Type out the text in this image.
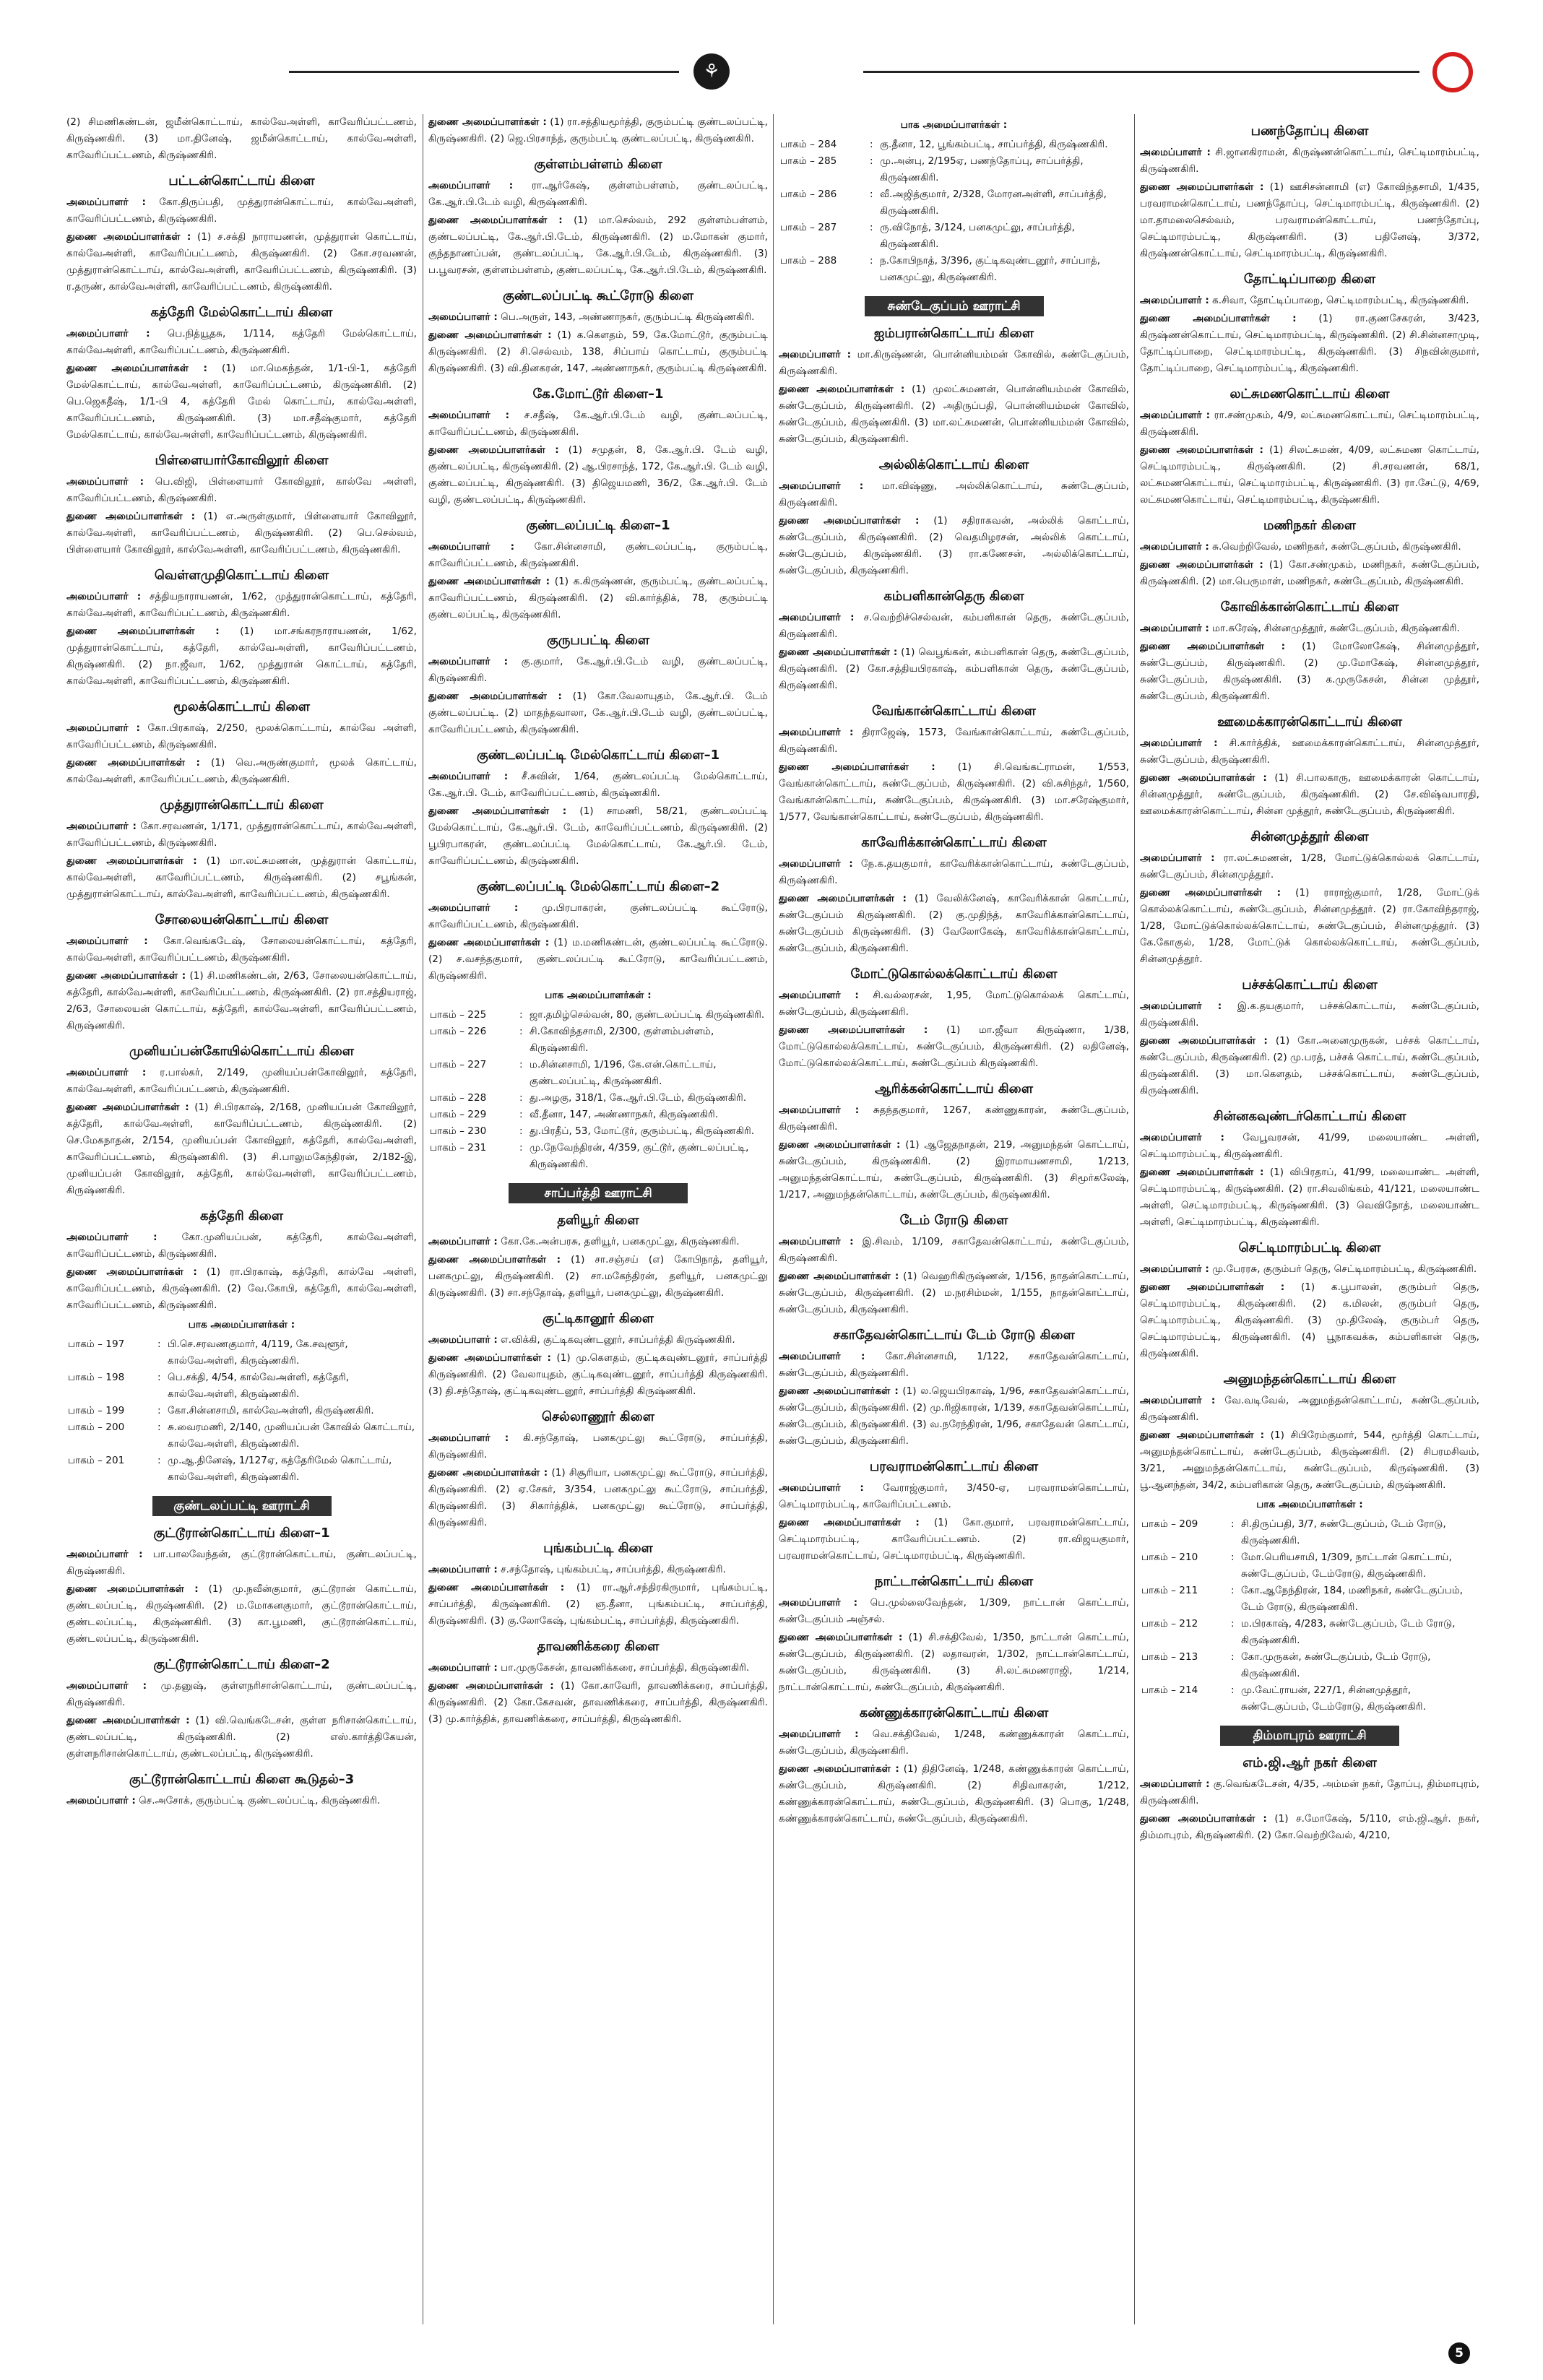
⚘

(2) சிமணிகண்டன், ஜமீன்கொட்டாய், கால்வேஅள்ளி, காவேரிப்பட்டணம், கிருஷ்ணகிரி. (3) மா.தினேஷ், ஜமீன்கொட்டாய், கால்வேஅள்ளி, காவேரிப்பட்டணம், கிருஷ்ணகிரி.

பட்டன்கொட்டாய் கிளை

அமைப்பாளர் : கோ.திருப்பதி, முத்துரான்கொட்டாய், கால்வேஅள்ளி, காவேரிப்பட்டணம், கிருஷ்ணகிரி.

துணை அமைப்பாளர்கள் : (1) ச.சக்தி நாராயணன், முத்துரான் கொட்டாய், கால்வேஅள்ளி, காவேரிப்பட்டணம், கிருஷ்ணகிரி. (2) கோ.சரவணன், முத்துரான்கொட்டாய், கால்வேஅள்ளி, காவேரிப்பட்டணம், கிருஷ்ணகிரி. (3) ர.தருண், கால்வேஅள்ளி, காவேரிப்பட்டணம், கிருஷ்ணகிரி.

கத்தேரி மேல்கொட்டாய் கிளை

அமைப்பாளர் : பெ.நித்யூதசு, 1/114, கத்தேரி மேல்கொட்டாய், கால்வேஅள்ளி, காவேரிப்பட்டணம், கிருஷ்ணகிரி.

துணை அமைப்பாளர்கள் : (1) மா.மெகந்தன், 1/1-பி-1, கத்தேரி மேல்கொட்டாய், கால்வேஅள்ளி, காவேரிப்பட்டணம், கிருஷ்ணகிரி. (2) பெ.ஜெகதீஷ், 1/1-பி 4, கத்தேரி மேல் கொட்டாய், கால்வேஅள்ளி, காவேரிப்பட்டணம், கிருஷ்ணகிரி. (3) மா.சதீஷ்குமார், கத்தேரி மேல்கொட்டாய், கால்வேஅள்ளி, காவேரிப்பட்டணம், கிருஷ்ணகிரி.

பிள்ளையார்கோவிலூர் கிளை

அமைப்பாளர் : பெ.விஜி, பிள்ளையார் கோவிலூர், கால்வே அள்ளி, காவேரிப்பட்டணம், கிருஷ்ணகிரி.

துணை அமைப்பாளர்கள் : (1) எ.அருள்குமார், பிள்ளையார் கோவிலூர், கால்வேஅள்ளி, காவேரிப்பட்டணம், கிருஷ்ணகிரி. (2) பெ.செல்வம், பிள்ளையார் கோவிலூர், கால்வேஅள்ளி, காவேரிப்பட்டணம், கிருஷ்ணகிரி.

வெள்ளமுதிகொட்டாய் கிளை

அமைப்பாளர் : சத்தியநாராயணன், 1/62, முத்துரான்கொட்டாய், கத்தேரி, கால்வேஅள்ளி, காவேரிப்பட்டணம், கிருஷ்ணகிரி.

துணை அமைப்பாளர்கள் : (1) மா.சங்கரநாராயணன், 1/62, முத்துரான்கொட்டாய், கத்தேரி, கால்வேஅள்ளி, காவேரிப்பட்டணம், கிருஷ்ணகிரி. (2) நா.ஜீவா, 1/62, முத்துரான் கொட்டாய், கத்தேரி, கால்வேஅள்ளி, காவேரிப்பட்டணம், கிருஷ்ணகிரி.

மூலக்கொட்டாய் கிளை

அமைப்பாளர் : கோ.பிரகாஷ், 2/250, மூலக்கொட்டாய், கால்வே அள்ளி, காவேரிப்பட்டணம், கிருஷ்ணகிரி.

துணை அமைப்பாளர்கள் : (1) வெ.அருண்குமார், மூலக் கொட்டாய், கால்வேஅள்ளி, காவேரிப்பட்டணம், கிருஷ்ணகிரி.

முத்துரான்கொட்டாய் கிளை

அமைப்பாளர் : கோ.சரவணன், 1/171, முத்துரான்கொட்டாய், கால்வேஅள்ளி, காவேரிப்பட்டணம், கிருஷ்ணகிரி.

துணை அமைப்பாளர்கள் : (1) மா.லட்சுமணன், முத்துரான் கொட்டாய், கால்வேஅள்ளி, காவேரிப்பட்டணம், கிருஷ்ணகிரி. (2) சபூங்கன், முத்துரான்கொட்டாய், கால்வேஅள்ளி, காவேரிப்பட்டணம், கிருஷ்ணகிரி.

சோலையன்கொட்டாய் கிளை

அமைப்பாளர் : கோ.வெங்கடேஷ், சோலையன்கொட்டாய், கத்தேரி, கால்வேஅள்ளி, காவேரிப்பட்டணம், கிருஷ்ணகிரி.

துணை அமைப்பாளர்கள் : (1) சி.மணிகண்டன், 2/63, சோலையன்கொட்டாய், கத்தேரி, கால்வேஅள்ளி, காவேரிப்பட்டணம், கிருஷ்ணகிரி. (2) ரா.சத்தியராஜ், 2/63, சோலையன் கொட்டாய், கத்தேரி, கால்வேஅள்ளி, காவேரிப்பட்டணம், கிருஷ்ணகிரி.

முனியப்பன்கோயில்கொட்டாய் கிளை

அமைப்பாளர் : ர.பால்கர், 2/149, முனியப்பன்கோவிலூர், கத்தேரி, கால்வேஅள்ளி, காவேரிப்பட்டணம், கிருஷ்ணகிரி.

துணை அமைப்பாளர்கள் : (1) சி.பிரகாஷ், 2/168, முனியப்பன் கோவிலூர், கத்தேரி, கால்வேஅள்ளி, காவேரிப்பட்டணம், கிருஷ்ணகிரி. (2) செ.மேகநாதன், 2/154, முனியப்பன் கோவிலூர், கத்தேரி, கால்வேஅள்ளி, காவேரிப்பட்டணம், கிருஷ்ணகிரி. (3) சி.பாலுமகேந்திரன், 2/182-இ, முனியப்பன் கோவிலூர், கத்தேரி, கால்வேஅள்ளி, காவேரிப்பட்டணம், கிருஷ்ணகிரி.

கத்தேரி கிளை

அமைப்பாளர் :	கோ.முனியப்பன், கத்தேரி, கால்வேஅள்ளி, காவேரிப்பட்டணம், கிருஷ்ணகிரி.

துணை அமைப்பாளர்கள் : (1) ரா.பிரகாஷ், கத்தேரி, கால்வே அள்ளி, காவேரிப்பட்டணம், கிருஷ்ணகிரி. (2) வே.கோபி, கத்தேரி, கால்வேஅள்ளி, காவேரிப்பட்டணம், கிருஷ்ணகிரி.

பாக அமைப்பாளர்கள் :
பாகம் – 197	:	பி.செ.சரவணகுமார், 4/119, கே.சவுளூர், கால்வேஅள்ளி, கிருஷ்ணகிரி.
பாகம் – 198	:	பெ.சக்தி, 4/54, கால்வேஅள்ளி, கத்தேரி, கால்வேஅள்ளி, கிருஷ்ணகிரி.
பாகம் – 199	:	கோ.சின்னசாமி, கால்வேஅள்ளி, கிருஷ்ணகிரி.
பாகம் – 200	:	சு.வைரமணி, 2/140, முனியப்பன் கோவில் கொட்டாய், கால்வேஅள்ளி, கிருஷ்ணகிரி.
பாகம் – 201	:	மு.ஆ.தினேஷ், 1/127ஏ, கத்தேரிமேல் கொட்டாய், கால்வேஅள்ளி, கிருஷ்ணகிரி.
குண்டலப்பட்டி ஊராட்சி
குட்டூரான்கொட்டாய் கிளை–1

அமைப்பாளர் : பா.பாலவேந்தன், குட்டூரான்கொட்டாய், குண்டலப்பட்டி, கிருஷ்ணகிரி.

துணை அமைப்பாளர்கள் : (1) மு.நவீன்குமார், குட்டூரான் கொட்டாய், குண்டலப்பட்டி, கிருஷ்ணகிரி. (2) ம.மோகனகுமார், குட்டூரான்கொட்டாய், குண்டலப்பட்டி, கிருஷ்ணகிரி. (3) கா.பூமணி, குட்டூரான்கொட்டாய், குண்டலப்பட்டி, கிருஷ்ணகிரி.

குட்டூரான்கொட்டாய் கிளை–2

அமைப்பாளர் : மு.தனுஷ், குள்ளநரிசான்கொட்டாய், குண்டலப்பட்டி, கிருஷ்ணகிரி.

துணை அமைப்பாளர்கள் : (1) வி.வெங்கடேசன், குள்ள நரிசான்கொட்டாய், குண்டலப்பட்டி, கிருஷ்ணகிரி. (2) எஸ்.கார்த்திகேயன், குள்ளநரிசான்கொட்டாய், குண்டலப்பட்டி, கிருஷ்ணகிரி.

குட்டூரான்கொட்டாய் கிளை கூடுதல்–3

அமைப்பாளர் : செ.அசோக், குரும்பட்டி குண்டலப்பட்டி, கிருஷ்ணகிரி.

துணை அமைப்பாளர்கள் : (1) ரா.சத்தியமூர்த்தி, குரும்பட்டி குண்டலப்பட்டி, கிருஷ்ணகிரி. (2) ஜெ.பிரசாந்த், குரும்பட்டி குண்டலப்பட்டி, கிருஷ்ணகிரி.

குள்ளம்பள்ளம் கிளை

அமைப்பாளர் : ரா.ஆர்கேஷ், குள்ளம்பள்ளம், குண்டலப்பட்டி, கே.ஆர்.பி.டேம் வழி, கிருஷ்ணகிரி.

துணை அமைப்பாளர்கள் : (1) மா.செல்வம், 292 குள்ளம்பள்ளம், குண்டலப்பட்டி, கே.ஆர்.பி.டேம், கிருஷ்ணகிரி. (2) ம.மோகன் குமார், குந்தநாணப்பன், குண்டலப்பட்டி, கே.ஆர்.பி.டேம், கிருஷ்ணகிரி. (3) ப.பூவரசன், குள்ளம்பள்ளம், குண்டலப்பட்டி, கே.ஆர்.பி.டேம், கிருஷ்ணகிரி.

குண்டலப்பட்டி கூட்ரோடு கிளை

அமைப்பாளர் : பெ.அருள், 143, அண்ணாநகர், குரும்பட்டி கிருஷ்ணகிரி.

துணை அமைப்பாளர்கள் : (1) க.கௌதம், 59, கே.மோட்டூர், குரும்பட்டி கிருஷ்ணகிரி. (2) சி.செல்வம், 138, சிப்பாய் கொட்டாய், குரும்பட்டி கிருஷ்ணகிரி. (3) வி.தினகரன், 147, அண்ணாநகர், குரும்பட்டி கிருஷ்ணகிரி.

கே.மோட்டூர் கிளை–1

அமைப்பாளர் : ச.சதீஷ், கே.ஆர்.பி.டேம் வழி, குண்டலப்பட்டி, காவேரிப்பட்டணம், கிருஷ்ணகிரி.

துணை அமைப்பாளர்கள் : (1) சமுதன், 8, கே.ஆர்.பி. டேம் வழி, குண்டலப்பட்டி, கிருஷ்ணகிரி. (2) ஆ.பிரசாந்த், 172, கே.ஆர்.பி. டேம் வழி, குண்டலப்பட்டி, கிருஷ்ணகிரி. (3) திஜெயமணி, 36/2, கே.ஆர்.பி. டேம் வழி, குண்டலப்பட்டி, கிருஷ்ணகிரி.

குண்டலப்பட்டி கிளை–1

அமைப்பாளர் : கோ.சின்னசாமி, குண்டலப்பட்டி, குரும்பட்டி, காவேரிப்பட்டணம், கிருஷ்ணகிரி.

துணை அமைப்பாளர்கள் : (1) க.கிருஷ்ணன், குரும்பட்டி, குண்டலப்பட்டி, காவேரிப்பட்டணம், கிருஷ்ணகிரி. (2) வி.கார்த்திக், 78, குரும்பட்டி குண்டலப்பட்டி, கிருஷ்ணகிரி.

குருபபட்டி கிளை

அமைப்பாளர் : கு.குமார், கே.ஆர்.பி.டேம் வழி, குண்டலப்பட்டி, கிருஷ்ணகிரி.

துணை அமைப்பாளர்கள் : (1) கோ.வேலாயுதம், கே.ஆர்.பி. டேம் குண்டலப்பட்டி. (2) மாதந்தவாலா, கே.ஆர்.பி.டேம் வழி, குண்டலப்பட்டி, காவேரிப்பட்டணம், கிருஷ்ணகிரி.

குண்டலப்பட்டி மேல்கொட்டாய் கிளை–1

அமைப்பாளர் : சீ.சுவின், 1/64, குண்டலப்பட்டி மேல்கொட்டாய், கே.ஆர்.பி. டேம், காவேரிப்பட்டணம், கிருஷ்ணகிரி.

துணை அமைப்பாளர்கள் : (1) சாமணி, 58/21, குண்டலப்பட்டி மேல்கொட்டாய், கே.ஆர்.பி. டேம், காவேரிப்பட்டணம், கிருஷ்ணகிரி. (2) பூபிரபாகரன், குண்டலப்பட்டி மேல்கொட்டாய், கே.ஆர்.பி. டேம், காவேரிப்பட்டணம், கிருஷ்ணகிரி.

குண்டலப்பட்டி மேல்கொட்டாய் கிளை–2

அமைப்பாளர் : மு.பிரபாகரன், குண்டலப்பட்டி கூட்ரோடு, காவேரிப்பட்டணம், கிருஷ்ணகிரி.

துணை அமைப்பாளர்கள் : (1) ம.மணிகண்டன், குண்டலப்பட்டி கூட்ரோடு. (2) ச.வசந்தகுமார், குண்டலப்பட்டி கூட்ரோடு, காவேரிப்பட்டணம், கிருஷ்ணகிரி.

பாக அமைப்பாளர்கள் :
பாகம் – 225	:	ஜா.தமிழ்செல்வன், 80, குண்டலப்பட்டி கிருஷ்ணகிரி.
பாகம் – 226	:	சி.கோவிந்தசாமி, 2/300, குள்ளம்பள்ளம், கிருஷ்ணகிரி.
பாகம் – 227	:	ம.சின்னசாமி, 1/196, கே.என்.கொட்டாய், குண்டலப்பட்டி, கிருஷ்ணகிரி.
பாகம் – 228	:	து.அழகு, 318/1, கே.ஆர்.பி.டேம், கிருஷ்ணகிரி.
பாகம் – 229	:	வீ.தீனா, 147, அண்ணாநகர், கிருஷ்ணகிரி.
பாகம் – 230	:	து.பிரதீப், 53, மோட்டூர், குரும்பட்டி, கிருஷ்ணகிரி.
பாகம் – 231	:	மு.நேவேந்திரன், 4/359, குட்டூர், குண்டலப்பட்டி, கிருஷ்ணகிரி.
சாப்பர்த்தி ஊராட்சி
தளியூர் கிளை

அமைப்பாளர் : கோ.கே.அன்பரசு, தளியூர், பனகமுட்லு, கிருஷ்ணகிரி.

துணை அமைப்பாளர்கள் : (1) சா.சஞ்சய் (எ) கோபிநாத், தளியூர், பனகமுட்லு, கிருஷ்ணகிரி. (2) சா.மகேந்திரன், தளியூர், பனகமுட்லு கிருஷ்ணகிரி. (3) சா.சந்தோஷ், தளியூர், பனகமுட்லு, கிருஷ்ணகிரி.

குட்டிகானூர் கிளை

அமைப்பாளர் : எ.விக்கி, குட்டிகவுண்டனூர், சாப்பர்த்தி கிருஷ்ணகிரி.

துணை அமைப்பாளர்கள் : (1) மு.கௌதம், குட்டிகவுண்டனூர், சாப்பர்த்தி கிருஷ்ணகிரி. (2) வேலாயுதம், குட்டிகவுண்டனூர், சாப்பர்த்தி கிருஷ்ணகிரி. (3) தி.சந்தோஷ், குட்டிகவுண்டனூர், சாப்பர்த்தி கிருஷ்ணகிரி.

செல்லாணூர் கிளை

அமைப்பாளர் : கி.சந்தோஷ், பனகமுட்லு கூட்ரோடு, சாப்பர்த்தி, கிருஷ்ணகிரி.

துணை அமைப்பாளர்கள் : (1) சிசூரியா, பனகமுட்லு கூட்ரோடு, சாப்பர்த்தி, கிருஷ்ணகிரி. (2) ஏ.சேகர், 3/354, பனகமுட்லு கூட்ரோடு, சாப்பர்த்தி, கிருஷ்ணகிரி. (3) சிகார்த்திக், பனகமுட்லு கூட்ரோடு, சாப்பர்த்தி, கிருஷ்ணகிரி.

புங்கம்பட்டி கிளை

அமைப்பாளர் : ச.சந்தோஷ், புங்கம்பட்டி, சாப்பர்த்தி, கிருஷ்ணகிரி.

துணை அமைப்பாளர்கள் : (1) ரா.ஆர்.சந்திரகிருமார், புங்கம்பட்டி, சாப்பர்த்தி, கிருஷ்ணகிரி. (2) ஞ.தீனா, புங்கம்பட்டி, சாப்பர்த்தி, கிருஷ்ணகிரி. (3) கு.லோகேஷ், புங்கம்பட்டி, சாப்பர்த்தி, கிருஷ்ணகிரி.

தாவணிக்கரை கிளை

அமைப்பாளர் : பா.முருகேசன், தாவணிக்கரை, சாப்பர்த்தி, கிருஷ்ணகிரி.

துணை அமைப்பாளர்கள் : (1) கோ.காவேரி, தாவணிக்கரை, சாப்பர்த்தி, கிருஷ்ணகிரி. (2) கோ.கேசவன், தாவணிக்கரை, சாப்பர்த்தி, கிருஷ்ணகிரி. (3) மு.கார்த்திக், தாவணிக்கரை, சாப்பர்த்தி, கிருஷ்ணகிரி.

பாக அமைப்பாளர்கள் :
பாகம் – 284	:	கு.தீனா, 12, பூங்கம்பட்டி, சாப்பர்த்தி, கிருஷ்ணகிரி.
பாகம் – 285	:	மு.அன்பு, 2/195ஏ, பணந்தோப்பு, சாப்பர்த்தி, கிருஷ்ணகிரி.
பாகம் – 286	:	வீ.அஜித்குமார், 2/328, மோரனஅள்ளி, சாப்பர்த்தி, கிருஷ்ணகிரி.
பாகம் – 287	:	ரு.விநோத், 3/124, பனகமுட்லு, சாப்பர்த்தி, கிருஷ்ணகிரி.
பாகம் – 288	:	ந.கோபிநாத், 3/396, குட்டிகவுண்டனூர், சாப்பாத், பனகமுட்லு, கிருஷ்ணகிரி.
சுண்டேகுப்பம் ஊராட்சி
ஐம்பரான்கொட்டாய் கிளை

அமைப்பாளர் : மா.கிருஷ்ணன், பொன்னியம்மன் கோவில், சுண்டேகுப்பம், கிருஷ்ணகிரி.

துணை அமைப்பாளர்கள் : (1) முலட்சுமணன், பொன்னியம்மன் கோவில், சுண்டேகுப்பம், கிருஷ்ணகிரி. (2) அதிருப்பதி, பொன்னியம்மன் கோவில், சுண்டேகுப்பம், கிருஷ்ணகிரி. (3) மா.லட்சுமணன், பொன்னியம்மன் கோவில், சுண்டேகுப்பம், கிருஷ்ணகிரி.

அல்லிக்கொட்டாய் கிளை

அமைப்பாளர் : மா.விஷ்ணு, அல்லிக்கொட்டாய், சுண்டேகுப்பம், கிருஷ்ணகிரி.

துணை அமைப்பாளர்கள் : (1) சதிராகவன், அல்லிக் கொட்டாய், சுண்டேகுப்பம், கிருஷ்ணகிரி. (2) வெதமிழரசன், அல்லிக் கொட்டாய், சுண்டேகுப்பம், கிருஷ்ணகிரி. (3) ரா.கணேசன், அல்லிக்கொட்டாய், சுண்டேகுப்பம், கிருஷ்ணகிரி.

கம்பளிகான்தெரு கிளை

அமைப்பாளர் : ச.வெற்றிச்செல்வன், கம்பளிகான் தெரு, சுண்டேகுப்பம், கிருஷ்ணகிரி.

துணை அமைப்பாளர்கள் : (1) வெபூங்கன், கம்பளிகான் தெரு, சுண்டேகுப்பம், கிருஷ்ணகிரி. (2) கோ.சத்தியபிரகாஷ், கம்பளிகான் தெரு, சுண்டேகுப்பம், கிருஷ்ணகிரி.

வேங்கான்கொட்டாய் கிளை

அமைப்பாளர் : திராஜேஷ், 1573, வேங்கான்கொட்டாய், சுண்டேகுப்பம், கிருஷ்ணகிரி.

துணை அமைப்பாளர்கள் : (1) சி.வெங்கட்ராமன், 1/553, வேங்கான்கொட்டாய், சுண்டேகுப்பம், கிருஷ்ணகிரி. (2) வி.சுசிந்தர், 1/560, வேங்கான்கொட்டாய், சுண்டேகுப்பம், கிருஷ்ணகிரி. (3) மா.சரேஷ்குமார், 1/577, வேங்கான்கொட்டாய், சுண்டேகுப்பம், கிருஷ்ணகிரி.

காவேரிக்கான்கொட்டாய் கிளை

அமைப்பாளர் : நே.க.தயகுமார், காவேரிக்கான்கொட்டாய், சுண்டேகுப்பம், கிருஷ்ணகிரி.

துணை அமைப்பாளர்கள் : (1) வேலிக்னேஷ், காவேரிக்கான் கொட்டாய், சுண்டேகுப்பம் கிருஷ்ணகிரி. (2) கு.முதிந்த், காவேரிக்கான்கொட்டாய், சுண்டேகுப்பம் கிருஷ்ணகிரி. (3) வேலோகேஷ், காவேரிக்கான்கொட்டாய், சுண்டேகுப்பம், கிருஷ்ணகிரி.

மோட்டுகொல்லக்கொட்டாய் கிளை

அமைப்பாளர் : சி.வல்லரசன், 1,95, மோட்டுகொல்லக் கொட்டாய், சுண்டேகுப்பம், கிருஷ்ணகிரி.

துணை அமைப்பாளர்கள் : (1) மா.ஜீவா கிருஷ்ணா, 1/38, மோட்டுகொல்லக்கொட்டாய், சுண்டேகுப்பம், கிருஷ்ணகிரி. (2) லதினேஷ், மோட்டுகொல்லக்கொட்டாய், சுண்டேகுப்பம் கிருஷ்ணகிரி.

ஆரிக்கன்கொட்டாய் கிளை

அமைப்பாளர் : சுதந்தகுமார், 1267, கண்ணுகாரன், சுண்டேகுப்பம், கிருஷ்ணகிரி.

துணை அமைப்பாளர்கள் : (1) ஆஜேதநாதன், 219, அனுமந்தன் கொட்டாய், சுண்டேகுப்பம், கிருஷ்ணகிரி. (2) இராமாயணசாமி, 1/213, அனுமந்தன்கொட்டாய், சுண்டேகுப்பம், கிருஷ்ணகிரி. (3) சிமூர்கலேஷ், 1/217, அனுமந்தன்கொட்டாய், சுண்டேகுப்பம், கிருஷ்ணகிரி.

டேம் ரோடு கிளை

அமைப்பாளர் : இ.சிவம், 1/109, சகாதேவன்கொட்டாய், சுண்டேகுப்பம், கிருஷ்ணகிரி.

துணை அமைப்பாளர்கள் : (1) வெஹரிகிருஷ்ணன், 1/156, நாதன்கொட்டாய், சுண்டேகுப்பம், கிருஷ்ணகிரி. (2) ம.நரசிம்மன், 1/155, நாதன்கொட்டாய், சுண்டேகுப்பம், கிருஷ்ணகிரி.

சகாதேவன்கொட்டாய் டேம் ரோடு கிளை

அமைப்பாளர் : கோ.சின்னசாமி, 1/122, சகாதேவன்கொட்டாய், சுண்டேகுப்பம், கிருஷ்ணகிரி.

துணை அமைப்பாளர்கள் : (1) ல.ஜெயபிரகாஷ், 1/96, சகாதேவன்கொட்டாய், சுண்டேகுப்பம், கிருஷ்ணகிரி. (2) மு.ரிஜிகாரன், 1/139, சகாதேவன்கொட்டாய், சுண்டேகுப்பம், கிருஷ்ணகிரி. (3) வ.நரேந்திரன், 1/96, சகாதேவன் கொட்டாய், சுண்டேகுப்பம், கிருஷ்ணகிரி.

பரவராமன்கொட்டாய் கிளை

அமைப்பாளர் : வேராஜ்குமார், 3/450-ஏ, பரவராமன்கொட்டாய், செட்டிமாரம்பட்டி, காவேரிப்பட்டணம்.

துணை அமைப்பாளர்கள் : (1) கோ.குமார், பரவராமன்கொட்டாய், செட்டிமாரம்பட்டி, காவேரிப்பட்டணம். (2) ரா.விஜயகுமார், பரவராமன்கொட்டாய், செட்டிமாரம்பட்டி, கிருஷ்ணகிரி.

நாட்டான்கொட்டாய் கிளை

அமைப்பாளர் : பெ.முல்லைவேந்தன், 1/309, நாட்டான் கொட்டாய், சுண்டேகுப்பம் அஞ்சல்.

துணை அமைப்பாளர்கள் : (1) சி.சக்திவேல், 1/350, நாட்டான் கொட்டாய், சுண்டேகுப்பம், கிருஷ்ணகிரி. (2) லதாவரன், 1/302, நாட்டான்கொட்டாய், சுண்டேகுப்பம், கிருஷ்ணகிரி. (3) சி.லட்சுமணராஜி, 1/214, நாட்டான்கொட்டாய், சுண்டேகுப்பம், கிருஷ்ணகிரி.

கண்ணுக்காரன்கொட்டாய் கிளை

அமைப்பாளர் : வெ.சக்திவேல், 1/248, கண்ணுக்காரன் கொட்டாய், சுண்டேகுப்பம், கிருஷ்ணகிரி.

துணை அமைப்பாளர்கள் : (1) திதினேஷ், 1/248, கண்ணுக்காரன் கொட்டாய், சுண்டேகுப்பம், கிருஷ்ணகிரி. (2) சிதிவாகரன், 1/212, கண்ணுக்காரன்கொட்டாய், சுண்டேகுப்பம், கிருஷ்ணகிரி. (3) பொகு, 1/248, கண்ணுக்காரன்கொட்டாய், சுண்டேகுப்பம், கிருஷ்ணகிரி.

பணந்தோப்பு கிளை

அமைப்பாளர் : சி.ஜானகிராமன், கிருஷ்ணன்கொட்டாய், செட்டிமாரம்பட்டி, கிருஷ்ணகிரி.

துணை அமைப்பாளர்கள் : (1) ஊசிசன்னாமி (எ) கோவிந்தசாமி, 1/435, பரவராமன்கொட்டாய், பணந்தோப்பு, செட்டிமாரம்பட்டி, கிருஷ்ணகிரி. (2) மா.தாமலைசெல்வம், பரவராமன்கொட்டாய், பணந்தோப்பு, செட்டிமாரம்பட்டி, கிருஷ்ணகிரி. (3) பதினேஷ், 3/372, கிருஷ்ணன்கொட்டாய், செட்டிமாரம்பட்டி, கிருஷ்ணகிரி.

தோட்டிப்பாறை கிளை

அமைப்பாளர் : க.சிவா, தோட்டிப்பாறை, செட்டிமாரம்பட்டி, கிருஷ்ணகிரி.

துணை அமைப்பாளர்கள் : (1) ரா.குணசேகரன், 3/423, கிருஷ்ணன்கொட்டாய், செட்டிமாரம்பட்டி, கிருஷ்ணகிரி. (2) சி.சின்னசாமுடி, தோட்டிப்பாறை, செட்டிமாரம்பட்டி, கிருஷ்ணகிரி. (3) சிநவின்குமார், தோட்டிப்பாறை, செட்டிமாரம்பட்டி, கிருஷ்ணகிரி.

லட்சுமணகொட்டாய் கிளை

அமைப்பாளர் : ரா.சண்முகம், 4/9, லட்சுமணகொட்டாய், செட்டிமாரம்பட்டி, கிருஷ்ணகிரி.

துணை அமைப்பாளர்கள் : (1) சிலட்சுமண், 4/09, லட்சுமண கொட்டாய், செட்டிமாரம்பட்டி, கிருஷ்ணகிரி. (2) சி.சரவணன், 68/1, லட்சுமணகொட்டாய், செட்டிமாரம்பட்டி, கிருஷ்ணகிரி. (3) ரா.சேட்டு, 4/69, லட்சுமணகொட்டாய், செட்டிமாரம்பட்டி, கிருஷ்ணகிரி.

மணிநகர் கிளை

அமைப்பாளர் : சு.வெற்றிவேல், மணிநகர், சுண்டேகுப்பம், கிருஷ்ணகிரி.

துணை அமைப்பாளர்கள் : (1) கோ.சண்முகம், மணிநகர், சுண்டேகுப்பம், கிருஷ்ணகிரி. (2) மா.பெருமாள், மணிநகர், சுண்டேகுப்பம், கிருஷ்ணகிரி.

கோவிக்கான்கொட்டாய் கிளை

அமைப்பாளர் : மா.சுரேஷ், சின்னமுத்தூர், சுண்டேகுப்பம், கிருஷ்ணகிரி.

துணை அமைப்பாளர்கள் : (1) மோலோகேஷ், சின்னமுத்தூர், சுண்டேகுப்பம், கிருஷ்ணகிரி. (2) மு.மோகேஷ், சின்னமுத்தூர், சுண்டேகுப்பம், கிருஷ்ணகிரி. (3) க.முருகேசன், சின்ன முத்தூர், சுண்டேகுப்பம், கிருஷ்ணகிரி.

ஊமைக்காரன்கொட்டாய் கிளை

அமைப்பாளர் : சி.கார்த்திக், ஊமைக்காரன்கொட்டாய், சின்னமுத்தூர், சுண்டேகுப்பம், கிருஷ்ணகிரி.

துணை அமைப்பாளர்கள் : (1) சி.பாலகாரு, ஊமைக்காரன் கொட்டாய், சின்னமுத்தூர், சுண்டேகுப்பம், கிருஷ்ணகிரி. (2) சே.விஷ்வபாரதி, ஊமைக்காரன்கொட்டாய், சின்ன முத்தூர், சுண்டேகுப்பம், கிருஷ்ணகிரி.

சின்னமுத்தூர் கிளை

அமைப்பாளர் : ரா.லட்சுமணன், 1/28, மோட்டுக்கொல்லக் கொட்டாய், சுண்டேகுப்பம், சின்னமுத்தூர்.

துணை அமைப்பாளர்கள் : (1) ராராஜ்குமார், 1/28, மோட்டுக் கொல்லக்கொட்டாய், சுண்டேகுப்பம், சின்னமுத்தூர். (2) ரா.கோவிந்தராஜ், 1/28, மோட்டுக்கொல்லக்கொட்டாய், சுண்டேகுப்பம், சின்னமுத்தூர். (3) கே.கோகுல், 1/28, மோட்டுக் கொல்லக்கொட்டாய், சுண்டேகுப்பம், சின்னமுத்தூர்.

பச்சக்கொட்டாய் கிளை

அமைப்பாளர் : இ.க.தயகுமார், பச்சக்கொட்டாய், சுண்டேகுப்பம், கிருஷ்ணகிரி.

துணை அமைப்பாளர்கள் : (1) கோ.அனைமுருகன், பச்சக் கொட்டாய், சுண்டேகுப்பம், கிருஷ்ணகிரி. (2) மு.பரத், பச்சக் கொட்டாய், சுண்டேகுப்பம், கிருஷ்ணகிரி. (3) மா.கௌதம், பச்சக்கொட்டாய், சுண்டேகுப்பம், கிருஷ்ணகிரி.

சின்னகவுண்டர்கொட்டாய் கிளை

அமைப்பாளர் : வேபூவரசன், 41/99, மலையாண்ட அள்ளி, செட்டிமாரம்பட்டி, கிருஷ்ணகிரி.

துணை அமைப்பாளர்கள் : (1) விபிரதாப், 41/99, மலையாண்ட அள்ளி, செட்டிமாரம்பட்டி, கிருஷ்ணகிரி. (2) ரா.சிவலிங்கம், 41/121, மலையாண்ட அள்ளி, செட்டிமாரம்பட்டி, கிருஷ்ணகிரி. (3) வெவிநோத், மலையாண்ட அள்ளி, செட்டிமாரம்பட்டி, கிருஷ்ணகிரி.

செட்டிமாரம்பட்டி கிளை

அமைப்பாளர் : மு.பேரரசு, குரும்பர் தெரு, செட்டிமாரம்பட்டி, கிருஷ்ணகிரி.

துணை அமைப்பாளர்கள் : (1) க.பூபாலன், குரும்பர் தெரு, செட்டிமாரம்பட்டி, கிருஷ்ணகிரி. (2) க.மிலன், குரும்பர் தெரு, செட்டிமாரம்பட்டி, கிருஷ்ணகிரி. (3) மு.திலேஷ், குரும்பர் தெரு, செட்டிமாரம்பட்டி, கிருஷ்ணகிரி. (4) பூநாகவக்சு, கம்பளிகான் தெரு, கிருஷ்ணகிரி.

அனுமந்தன்கொட்டாய் கிளை

அமைப்பாளர் : வே.வடிவேல், அனுமந்தன்கொட்டாய், சுண்டேகுப்பம், கிருஷ்ணகிரி.

துணை அமைப்பாளர்கள் : (1) சிபிரேம்குமார், 544, மூர்த்தி கொட்டாய், அனுமந்தன்கொட்டாய், சுண்டேகுப்பம், கிருஷ்ணகிரி. (2) சிபரமசிவம், 3/21, அனுமந்தன்கொட்டாய், சுண்டேகுப்பம், கிருஷ்ணகிரி. (3) பூ.ஆனந்தன், 34/2, கம்பளிகான் தெரு, சுண்டேகுப்பம், கிருஷ்ணகிரி.

பாக அமைப்பாளர்கள் :
பாகம் – 209	:	சி.திருப்பதி, 3/7, சுண்டேகுப்பம், டேம் ரோடு, கிருஷ்ணகிரி.
பாகம் – 210	:	மோ.பெரியசாமி, 1/309, நாட்டான் கொட்டாய், சுண்டேகுப்பம், டேம்ரோடு, கிருஷ்ணகிரி.
பாகம் – 211	:	கோ.ஆநேந்திரன், 184, மணிநகர், சுண்டேகுப்பம், டேம் ரோடு, கிருஷ்ணகிரி.
பாகம் – 212	:	ம.பிரகாஷ், 4/283, சுண்டேகுப்பம், டேம் ரோடு, கிருஷ்ணகிரி.
பாகம் – 213	:	கோ.முருகன், சுண்டேகுப்பம், டேம் ரோடு, கிருஷ்ணகிரி.
பாகம் – 214	:	மு.வேட்ராயன், 227/1, சின்னமுத்தூர், சுண்டேகுப்பம், டேம்ரோடு, கிருஷ்ணகிரி.
திம்மாபுரம் ஊராட்சி
எம்.ஜி.ஆர் நகர் கிளை

அமைப்பாளர் : கு.வெங்கடேசன், 4/35, அம்மன் நகர், தோப்பு, திம்மாபுரம், கிருஷ்ணகிரி.

துணை அமைப்பாளர்கள் : (1) ச.மோகேஷ், 5/110, எம்.ஜி.ஆர். நகர், திம்மாபுரம், கிருஷ்ணகிரி. (2) கோ.வெற்றிவேல், 4/210,

5
